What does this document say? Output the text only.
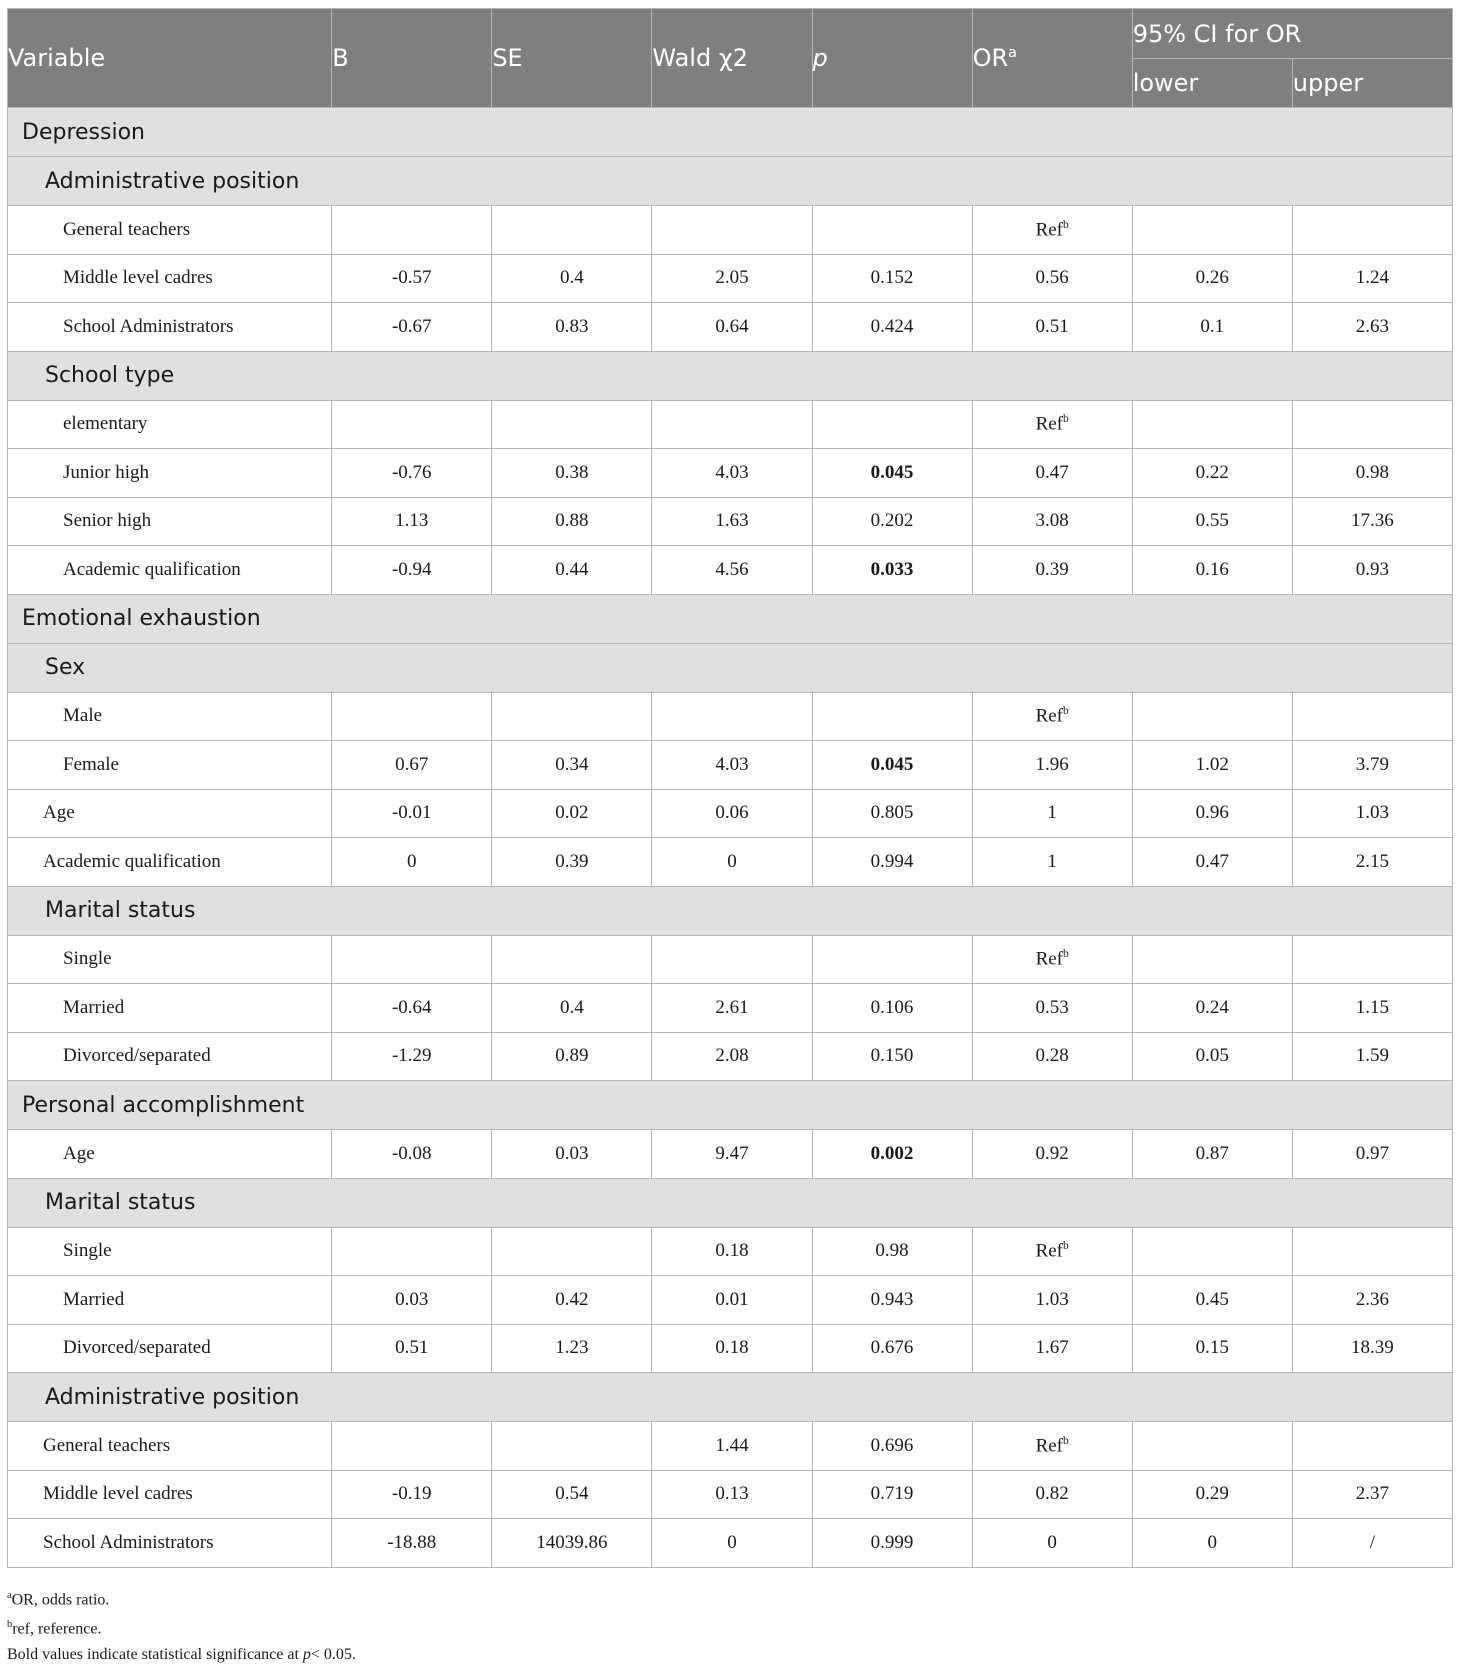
Variable	B	SE	Wald χ2	p	$OR^a$	95% CI for OR	
						lower	upper
Depression							
Administrative position							
General teachers					Ref$^b$		
Middle level cadres	-0.57	0.4	2.05	0.152	0.56	0.26	1.24
School Administrators	-0.67	0.83	0.64	0.424	0.51	0.1	2.63
School type							
elementary					Ref$^b$		
Junior high	-0.76	0.38	4.03	0.045	0.47	0.22	0.98
Senior high	1.13	0.88	1.63	0.202	3.08	0.55	17.36
Academic qualification	-0.94	0.44	4.56	0.033	0.39	0.16	0.93
Emotional exhaustion							
Sex							
Male					Ref$^b$		
Female	0.67	0.34	4.03	0.045	1.96	1.02	3.79
Age	-0.01	0.02	0.06	0.805	1	0.96	1.03
Academic qualification	0	0.39	0	0.994	1	0.47	2.15
Marital status							
Single					Ref$^b$		
Married	-0.64	0.4	2.61	0.106	0.53	0.24	1.15
Divorced/separated	-1.29	0.89	2.08	0.150	0.28	0.05	1.59
Personal accomplishment							
Age	-0.08	0.03	9.47	0.002	0.92	0.87	0.97
Marital status							
Single			0.18	0.98	Ref$^b$		
Married	0.03	0.42	0.01	0.943	1.03	0.45	2.36
Divorced/separated	0.51	1.23	0.18	0.676	1.67	0.15	18.39
Administrative position							
General teachers			1.44	0.696	Ref$^b$		
Middle level cadres	-0.19	0.54	0.13	0.719	0.82	0.29	2.37
School Administrators	-18.88	14039.86	0	0.999	0	0	/
$^a$OR, odds ratio.
$^b$ref, reference.
Bold values indicate statistical significance at p< 0.05.
